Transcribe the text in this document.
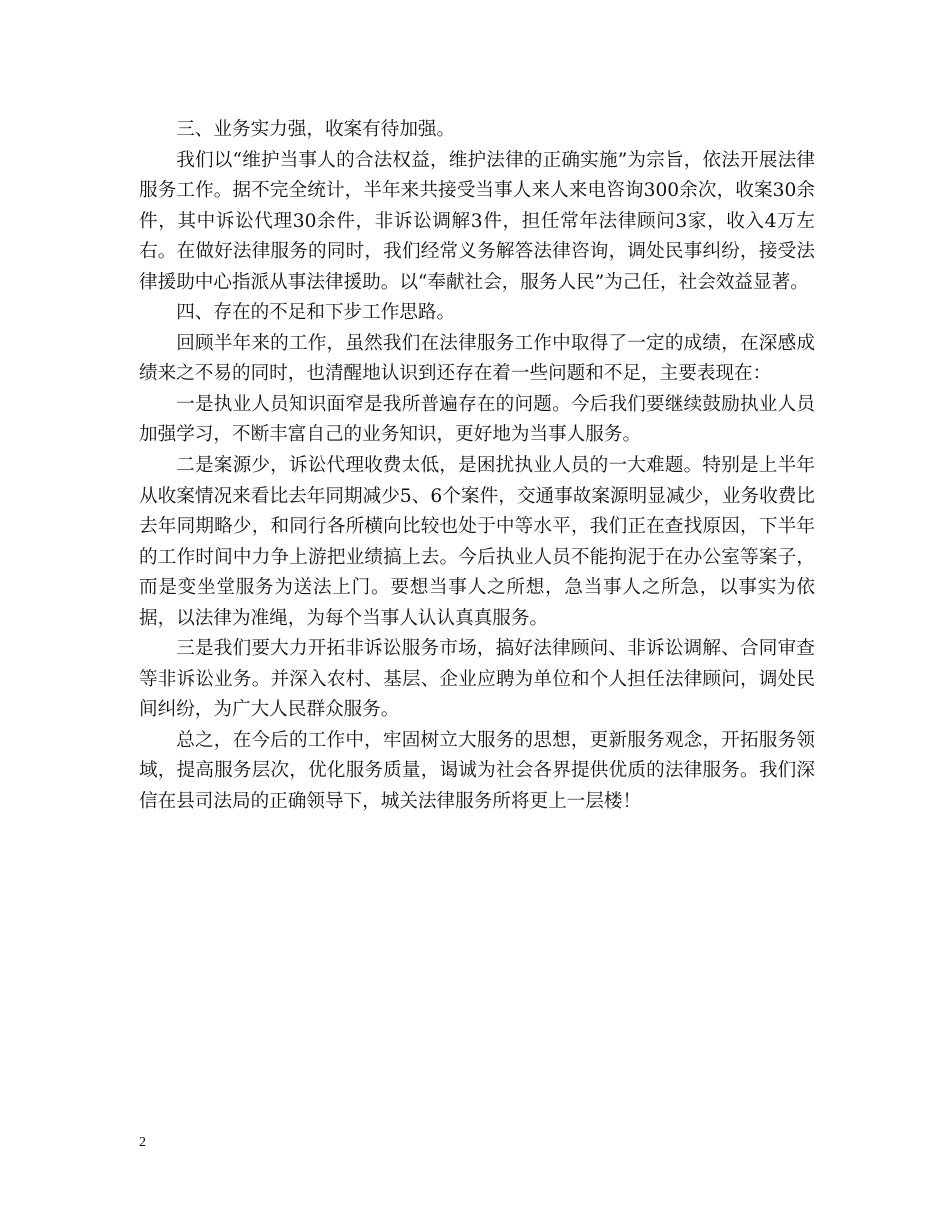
三、业务实力强，收案有待加强。

我们以“维护当事人的合法权益，维护法律的正确实施”为宗旨，依法开展法律服务工作。据不完全统计，半年来共接受当事人来人来电咨询300余次，收案30余件，其中诉讼代理30余件，非诉讼调解3件，担任常年法律顾问3家，收入4万左右。在做好法律服务的同时，我们经常义务解答法律咨询，调处民事纠纷，接受法律援助中心指派从事法律援助。以“奉献社会，服务人民”为己任，社会效益显著。

四、存在的不足和下步工作思路。

回顾半年来的工作，虽然我们在法律服务工作中取得了一定的成绩，在深感成绩来之不易的同时，也清醒地认识到还存在着一些问题和不足，主要表现在：

一是执业人员知识面窄是我所普遍存在的问题。今后我们要继续鼓励执业人员加强学习，不断丰富自己的业务知识，更好地为当事人服务。

二是案源少，诉讼代理收费太低，是困扰执业人员的一大难题。特别是上半年从收案情况来看比去年同期减少5、6个案件，交通事故案源明显减少，业务收费比去年同期略少，和同行各所横向比较也处于中等水平，我们正在查找原因，下半年的工作时间中力争上游把业绩搞上去。今后执业人员不能拘泥于在办公室等案子，而是变坐堂服务为送法上门。要想当事人之所想，急当事人之所急，以事实为依据，以法律为准绳，为每个当事人认认真真服务。

三是我们要大力开拓非诉讼服务市场，搞好法律顾问、非诉讼调解、合同审查等非诉讼业务。并深入农村、基层、企业应聘为单位和个人担任法律顾问，调处民间纠纷，为广大人民群众服务。

总之，在今后的工作中，牢固树立大服务的思想，更新服务观念，开拓服务领域，提高服务层次，优化服务质量，谒诚为社会各界提供优质的法律服务。我们深信在县司法局的正确领导下，城关法律服务所将更上一层楼！

2
